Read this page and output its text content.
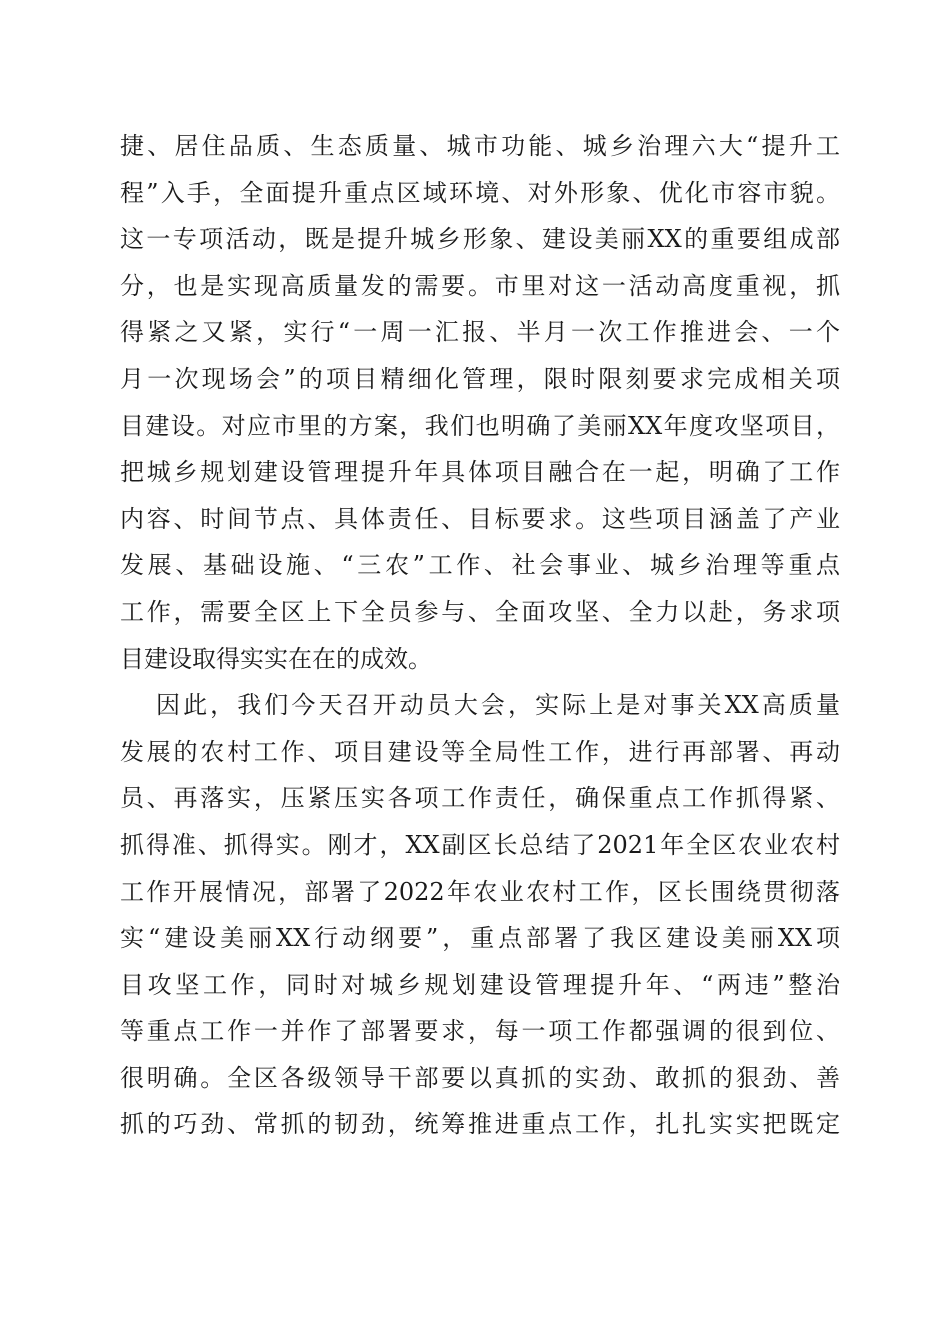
捷、居住品质、生态质量、城市功能、城乡治理六大“提升工
程”入手，全面提升重点区域环境、对外形象、优化市容市貌。
这一专项活动，既是提升城乡形象、建设美丽XX的重要组成部
分，也是实现高质量发的需要。市里对这一活动高度重视，抓
得紧之又紧，实行“一周一汇报、半月一次工作推进会、一个
月一次现场会”的项目精细化管理，限时限刻要求完成相关项
目建设。对应市里的方案，我们也明确了美丽XX年度攻坚项目，
把城乡规划建设管理提升年具体项目融合在一起，明确了工作
内容、时间节点、具体责任、目标要求。这些项目涵盖了产业
发展、基础设施、“三农”工作、社会事业、城乡治理等重点
工作，需要全区上下全员参与、全面攻坚、全力以赴，务求项
目建设取得实实在在的成效。
因此，我们今天召开动员大会，实际上是对事关XX高质量
发展的农村工作、项目建设等全局性工作，进行再部署、再动
员、再落实，压紧压实各项工作责任，确保重点工作抓得紧、
抓得准、抓得实。刚才，XX副区长总结了2021年全区农业农村
工作开展情况，部署了2022年农业农村工作，区长围绕贯彻落
实“建设美丽XX行动纲要”，重点部署了我区建设美丽XX项
目攻坚工作，同时对城乡规划建设管理提升年、“两违”整治
等重点工作一并作了部署要求，每一项工作都强调的很到位、
很明确。全区各级领导干部要以真抓的实劲、敢抓的狠劲、善
抓的巧劲、常抓的韧劲，统筹推进重点工作，扎扎实实把既定
